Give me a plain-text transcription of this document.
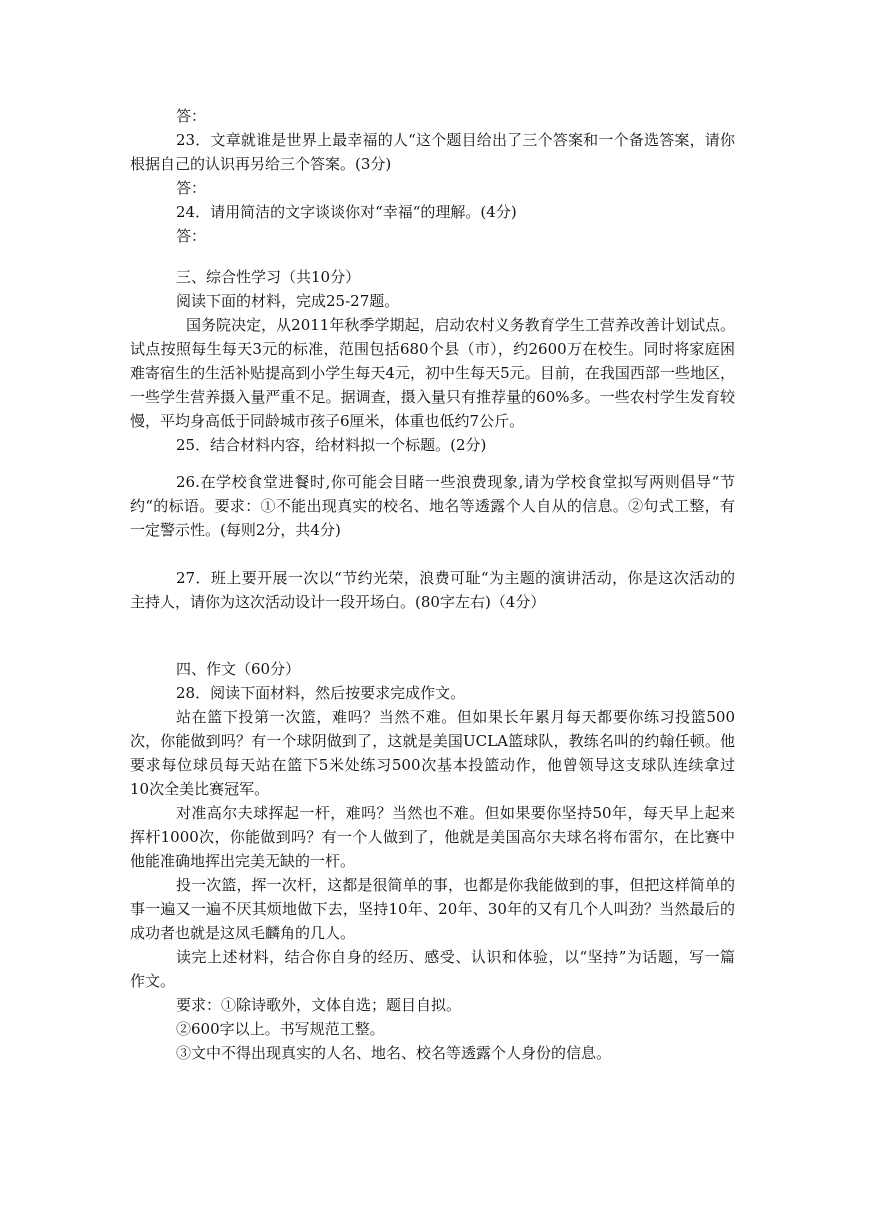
答：
23．文章就谁是世界上最幸福的人“这个题目给出了三个答案和一个备选答案，请你
根据自己的认识再另给三个答案。(3分)
答：
24．请用简洁的文字谈谈你对“幸福“的理解。(4分)
答：
三、综合性学习（共10分）
阅读下面的材料，完成25-27题。
国务院决定，从2011年秋季学期起，启动农村义务教育学生工营养改善计划试点。
试点按照每生每天3元的标准，范围包括680个县（市），约2600万在校生。同时将家庭困
难寄宿生的生活补贴提高到小学生每天4元，初中生每天5元。目前，在我国西部一些地区，
一些学生营养摄入量严重不足。据调查，摄入量只有推荐量的60%多。一些农村学生发育较
慢，平均身高低于同龄城市孩子6厘米，体重也低约7公斤。
25．结合材料内容，给材料拟一个标题。(2分)
26.在学校食堂进餐时,你可能会目睹一些浪费现象,请为学校食堂拟写两则倡导“节
约“的标语。要求：①不能出现真实的校名、地名等透露个人自从的信息。②句式工整，有
一定警示性。(每则2分，共4分)
27．班上要开展一次以“节约光荣，浪费可耻“为主题的演讲活动，你是这次活动的
主持人，请你为这次活动设计一段开场白。(80字左右)（4分）
四、作文（60分）
28．阅读下面材料，然后按要求完成作文。
站在篮下投第一次篮，难吗？当然不难。但如果长年累月每天都要你练习投篮500
次，你能做到吗？有一个球阴做到了，这就是美国UCLA篮球队，教练名叫的约翰任顿。他
要求每位球员每天站在篮下5米处练习500次基本投篮动作，他曾领导这支球队连续拿过
10次全美比赛冠军。
对准高尔夫球挥起一杆，难吗？当然也不难。但如果要你坚持50年，每天早上起来
挥杆1000次，你能做到吗？有一个人做到了，他就是美国高尔夫球名将布雷尔，在比赛中
他能准确地挥出完美无缺的一杆。
投一次篮，挥一次杆，这都是很简单的事，也都是你我能做到的事，但把这样简单的
事一遍又一遍不厌其烦地做下去，坚持10年、20年、30年的又有几个人叫劲？当然最后的
成功者也就是这凤毛麟角的几人。
读完上述材料，结合你自身的经历、感受、认识和体验，以“坚持”为话题，写一篇
作文。
要求：①除诗歌外，文体自选；题目自拟。
②600字以上。书写规范工整。
③文中不得出现真实的人名、地名、校名等透露个人身份的信息。
